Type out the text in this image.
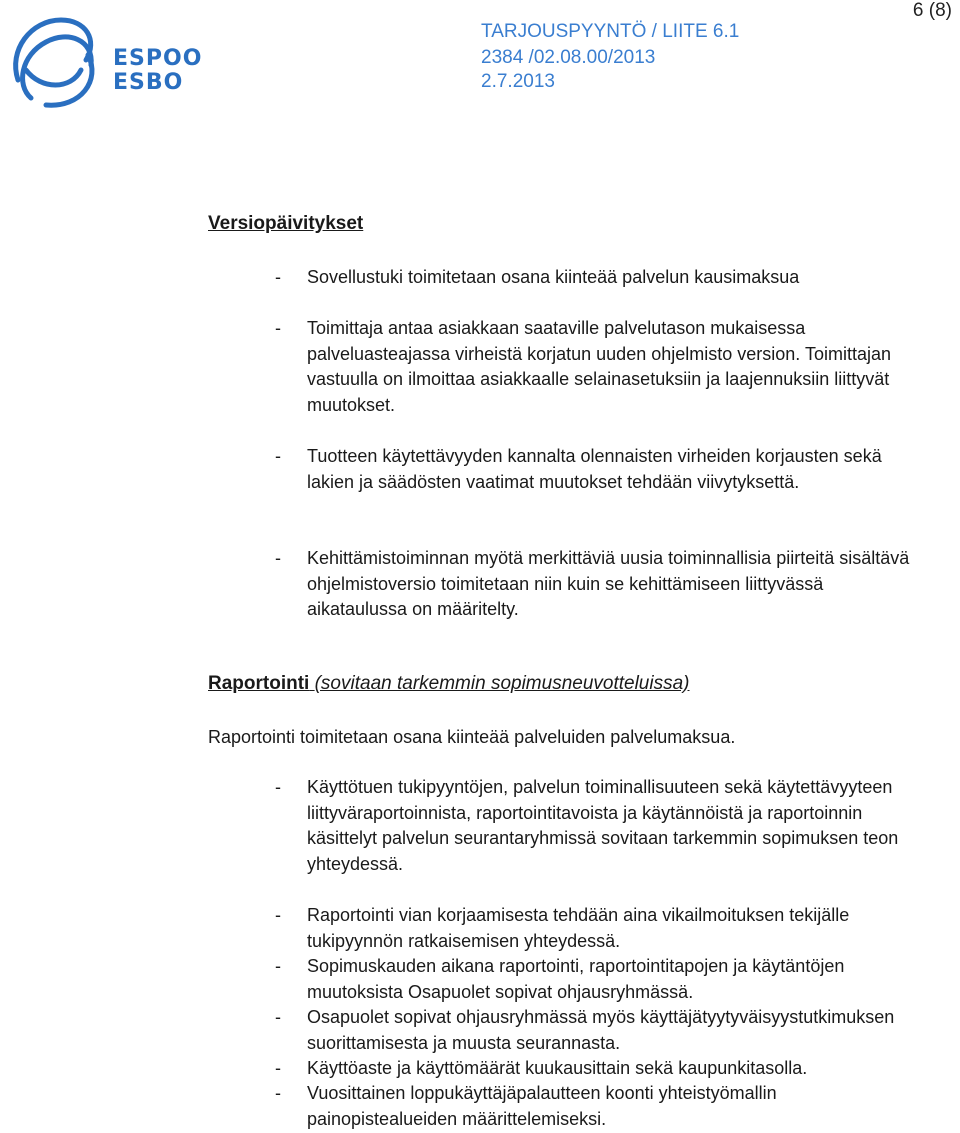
ESPOO
ESBO
TARJOUSPYYNTÖ / LIITE 6.1
2384 /02.08.00/2013
2.7.2013
6 (8)
Versiopäivitykset
- Sovellustuki toimitetaan osana kiinteää palvelun kausimaksua
- Toimittaja antaa asiakkaan saataville palvelutason mukaisessa palveluasteajassa virheistä korjatun uuden ohjelmisto version. Toimittajan vastuulla on ilmoittaa asiakkaalle selainasetuksiin ja laajennuksiin liittyvät muutokset.
- Tuotteen käytettävyyden kannalta olennaisten virheiden korjausten sekä lakien ja säädösten vaatimat muutokset tehdään viivytyksettä.
- Kehittämistoiminnan myötä merkittäviä uusia toiminnallisia piirteitä sisältävä ohjelmistoversio toimitetaan niin kuin se kehittämiseen liittyvässä aikataulussa on määritelty.
Raportointi (sovitaan tarkemmin sopimusneuvotteluissa)
Raportointi toimitetaan osana kiinteää palveluiden palvelumaksua.
- Käyttötuen tukipyyntöjen, palvelun toiminallisuuteen sekä käytettävyyteen liittyväraportoinnista, raportointitavoista ja käytännöistä ja raportoinnin käsittelyt palvelun seurantaryhmissä sovitaan tarkemmin sopimuksen teon yhteydessä.
- Raportointi vian korjaamisesta tehdään aina vikailmoituksen tekijälle tukipyynnön ratkaisemisen yhteydessä.
- Sopimuskauden aikana raportointi, raportointitapojen ja käytäntöjen muutoksista Osapuolet sopivat ohjausryhmässä.
- Osapuolet sopivat ohjausryhmässä myös käyttäjätyytyväisyystutkimuksen suorittamisesta ja muusta seurannasta.
- Käyttöaste ja käyttömäärät kuukausittain sekä kaupunkitasolla.
- Vuosittainen loppukäyttäjäpalautteen koonti yhteistyömallin painopistealueiden määrittelemiseksi.
